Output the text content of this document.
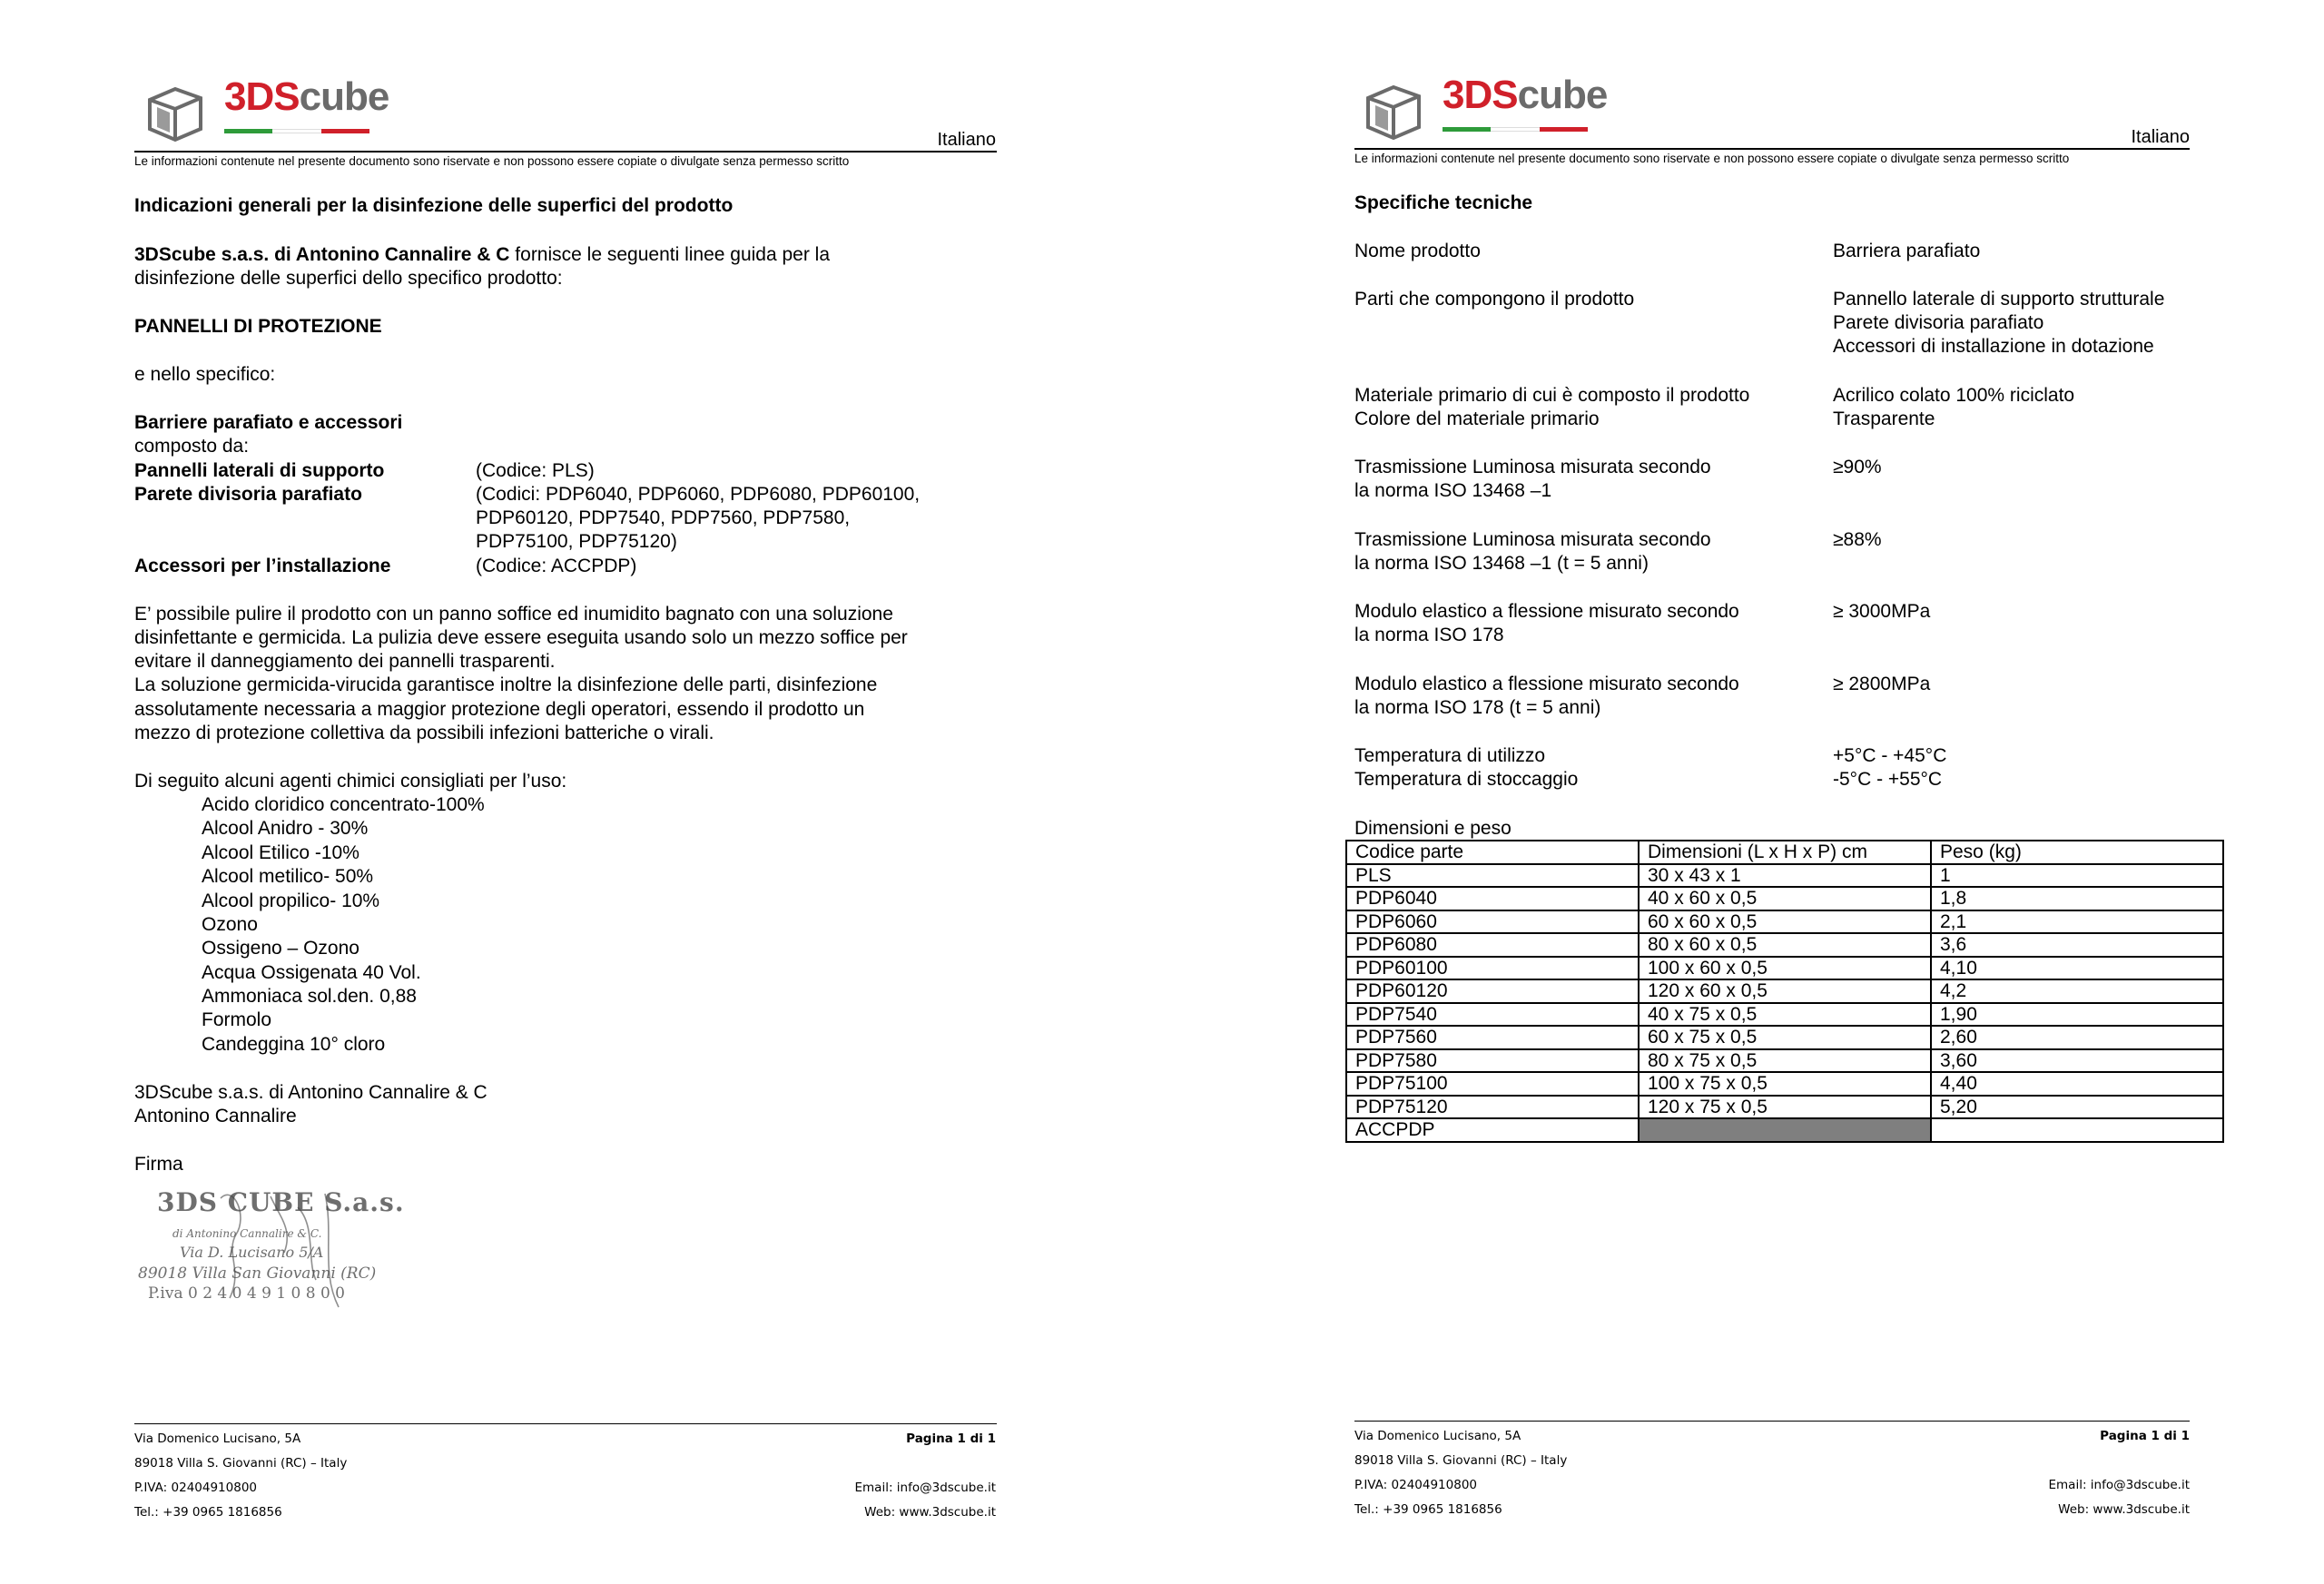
3DScube
Italiano
Le informazioni contenute nel presente documento sono riservate e non possono essere copiate o divulgate senza permesso scritto
Indicazioni generali per la disinfezione delle superfici del prodotto
3DScube s.a.s. di Antonino Cannalire & C fornisce le seguenti linee guida per la
disinfezione delle superfici dello specifico prodotto:
PANNELLI DI PROTEZIONE
e nello specifico:
Barriere parafiato e accessori
composto da:
Pannelli laterali di supporto	(Codice: PLS)
Parete divisoria parafiato	(Codici: PDP6040, PDP6060, PDP6080, PDP60100,
PDP60120, PDP7540, PDP7560, PDP7580,
PDP75100, PDP75120)
Accessori per l’installazione	(Codice: ACCPDP)
E’ possibile pulire il prodotto con un panno soffice ed inumidito bagnato con una soluzione
disinfettante e germicida. La pulizia deve essere eseguita usando solo un mezzo soffice per
evitare il danneggiamento dei pannelli trasparenti.
La soluzione germicida-virucida garantisce inoltre la disinfezione delle parti, disinfezione
assolutamente necessaria a maggior protezione degli operatori, essendo il prodotto un
mezzo di protezione collettiva da possibili infezioni batteriche o virali.
Di seguito alcuni agenti chimici consigliati per l’uso:
Acido cloridico concentrato-100%
Alcool Anidro - 30%
Alcool Etilico -10%
Alcool metilico- 50%
Alcool propilico- 10%
Ozono
Ossigeno – Ozono
Acqua Ossigenata 40 Vol.
Ammoniaca sol.den. 0,88
Formolo
Candeggina 10° cloro
3DScube s.a.s. di Antonino Cannalire & C
Antonino Cannalire
Firma
3DS CUBE S.a.s.
di Antonino Cannalire & C.
Via D. Lucisano 5/A
89018 Villa San Giovanni (RC)
P.iva 0 2 4 0 4 9 1 0 8 0 0
Via Domenico Lucisano, 5A
89018 Villa S. Giovanni (RC) – Italy
P.IVA: 02404910800
Tel.: +39 0965 1816856
Pagina 1 di 1
Email: info@3dscube.it
Web: www.3dscube.it
3DScube
Italiano
Le informazioni contenute nel presente documento sono riservate e non possono essere copiate o divulgate senza permesso scritto
Specifiche tecniche
Nome prodotto	Barriera parafiato
Parti che compongono il prodotto	Pannello laterale di supporto strutturale
Parete divisoria parafiato
Accessori di installazione in dotazione
Materiale primario di cui è composto il prodotto	Acrilico colato 100% riciclato
Colore del materiale primario	Trasparente
Trasmissione Luminosa misurata secondo	≥90%
la norma ISO 13468 –1
Trasmissione Luminosa misurata secondo	≥88%
la norma ISO 13468 –1 (t = 5 anni)
Modulo elastico a flessione misurato secondo	≥ 3000MPa
la norma ISO 178
Modulo elastico a flessione misurato secondo	≥ 2800MPa
la norma ISO 178 (t = 5 anni)
Temperatura di utilizzo	+5°C - +45°C
Temperatura di stoccaggio	-5°C - +55°C
Dimensioni e peso
Codice parte	Dimensioni (L x H x P) cm	Peso (kg)
PLS	30 x 43 x 1	1
PDP6040	40 x 60 x 0,5	1,8
PDP6060	60 x 60 x 0,5	2,1
PDP6080	80 x 60 x 0,5	3,6
PDP60100	100 x 60 x 0,5	4,10
PDP60120	120 x 60 x 0,5	4,2
PDP7540	40 x 75 x 0,5	1,90
PDP7560	60 x 75 x 0,5	2,60
PDP7580	80 x 75 x 0,5	3,60
PDP75100	100 x 75 x 0,5	4,40
PDP75120	120 x 75 x 0,5	5,20
ACCPDP		
Via Domenico Lucisano, 5A
89018 Villa S. Giovanni (RC) – Italy
P.IVA: 02404910800
Tel.: +39 0965 1816856
Pagina 1 di 1
Email: info@3dscube.it
Web: www.3dscube.it
